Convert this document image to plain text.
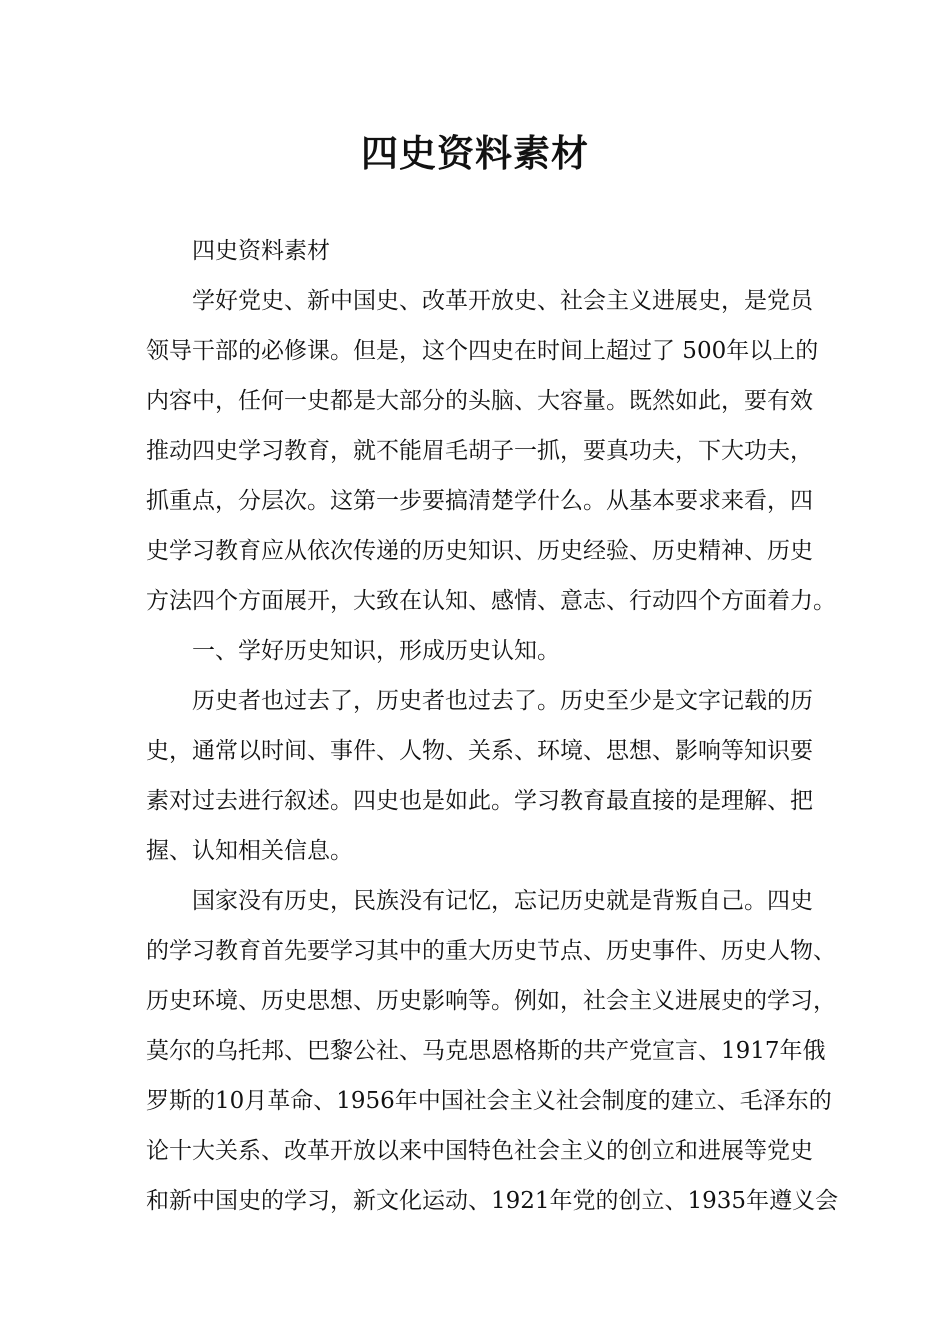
四史资料素材

四史资料素材

学好党史、新中国史、改革开放史、社会主义进展史，是党员

领导干部的必修课。但是，这个四史在时间上超过了 500年以上的

内容中，任何一史都是大部分的头脑、大容量。既然如此，要有效

推动四史学习教育，就不能眉毛胡子一抓，要真功夫，下大功夫，

抓重点，分层次。这第一步要搞清楚学什么。从基本要求来看，四

史学习教育应从依次传递的历史知识、历史经验、历史精神、历史

方法四个方面展开，大致在认知、感情、意志、行动四个方面着力。

一、学好历史知识，形成历史认知。

历史者也过去了，历史者也过去了。历史至少是文字记载的历

史，通常以时间、事件、人物、关系、环境、思想、影响等知识要

素对过去进行叙述。四史也是如此。学习教育最直接的是理解、把

握、认知相关信息。

国家没有历史，民族没有记忆，忘记历史就是背叛自己。四史

的学习教育首先要学习其中的重大历史节点、历史事件、历史人物、

历史环境、历史思想、历史影响等。例如，社会主义进展史的学习，

莫尔的乌托邦、巴黎公社、马克思恩格斯的共产党宣言、1917年俄

罗斯的10月革命、1956年中国社会主义社会制度的建立、毛泽东的

论十大关系、改革开放以来中国特色社会主义的创立和进展等党史

和新中国史的学习，新文化运动、1921年党的创立、1935年遵义会
